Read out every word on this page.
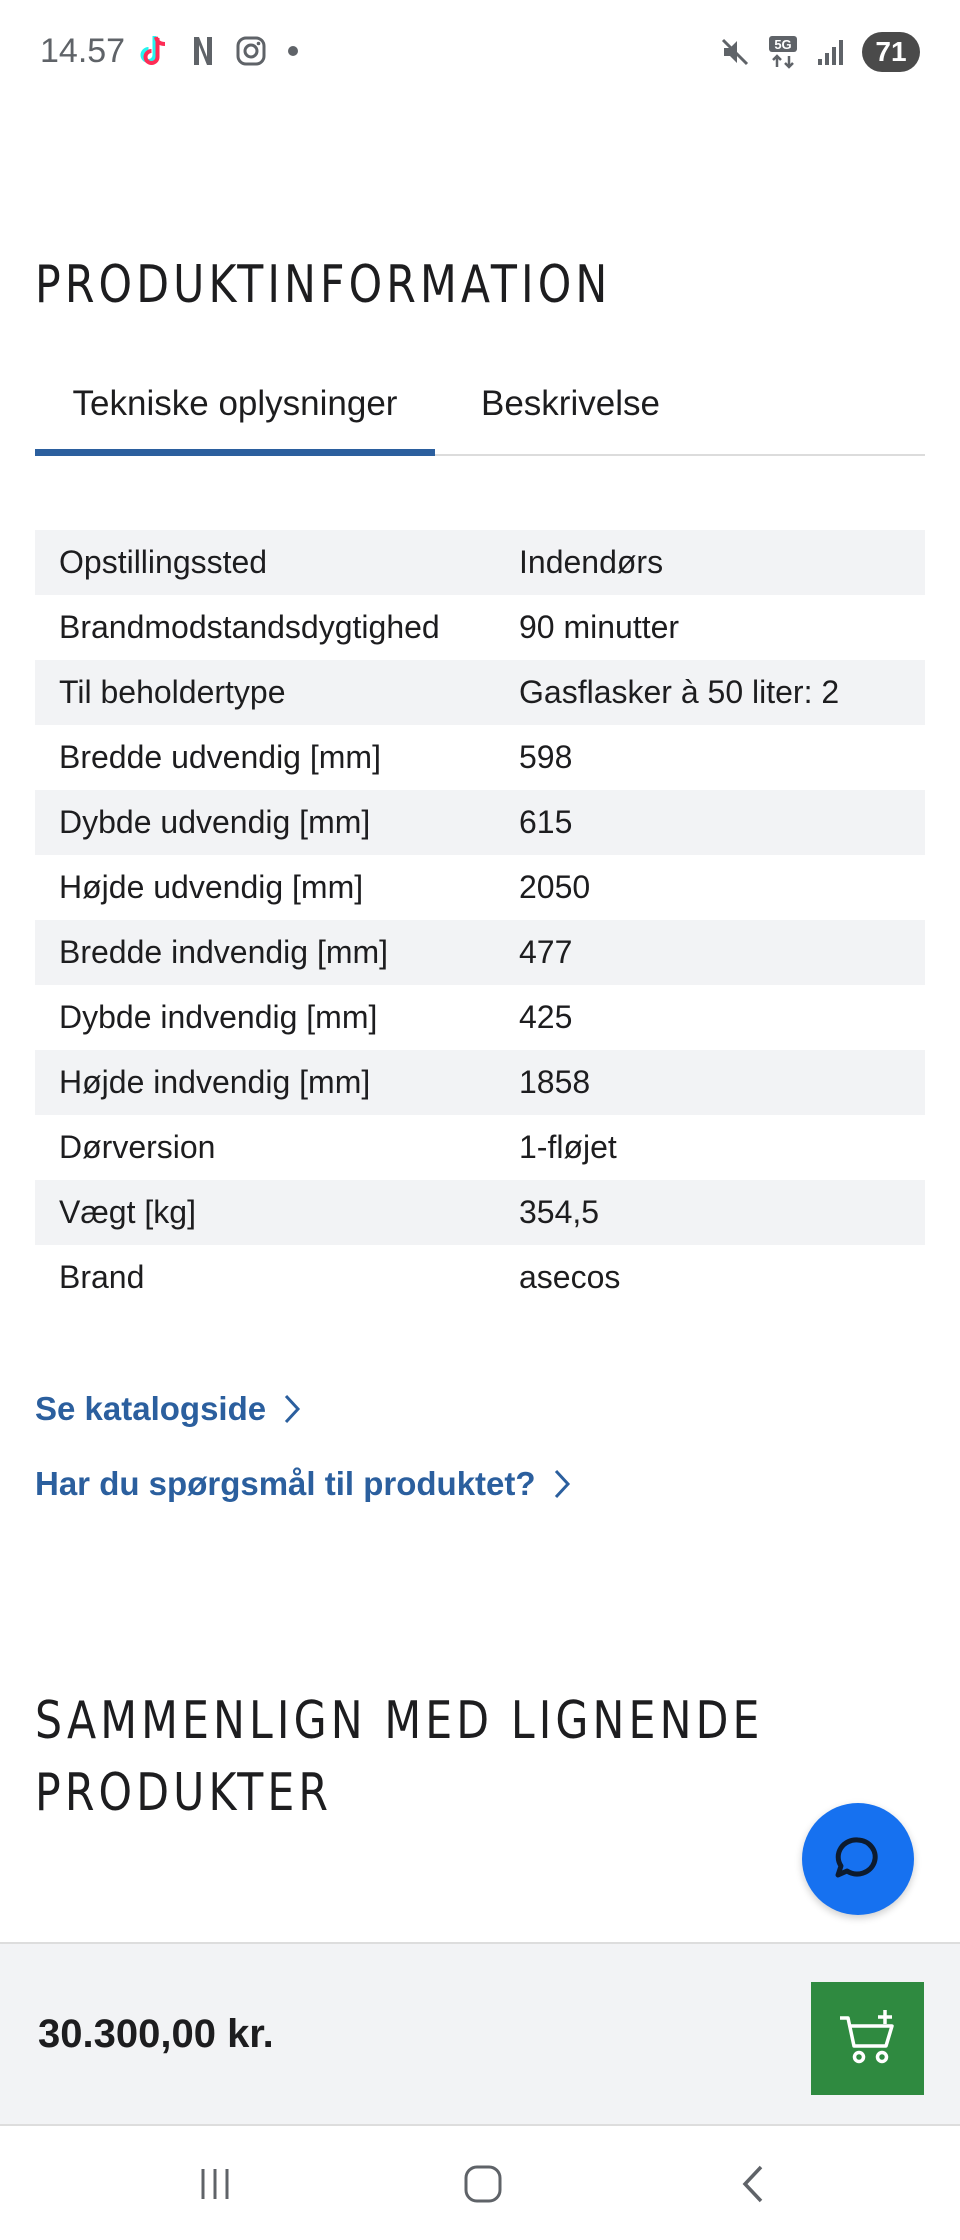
14.57	5G	71
PRODUKTINFORMATION
Tekniske oplysninger	Beskrivelse
Opstillingssted	Indendørs
Brandmodstandsdygtighed	90 minutter
Til beholdertype	Gasflasker à 50 liter: 2
Bredde udvendig [mm]	598
Dybde udvendig [mm]	615
Højde udvendig [mm]	2050
Bredde indvendig [mm]	477
Dybde indvendig [mm]	425
Højde indvendig [mm]	1858
Dørversion	1-fløjet
Vægt [kg]	354,5
Brand	asecos
Se katalogside
Har du spørgsmål til produktet?
SAMMENLIGN MED LIGNENDE
PRODUKTER
30.300,00 kr.
